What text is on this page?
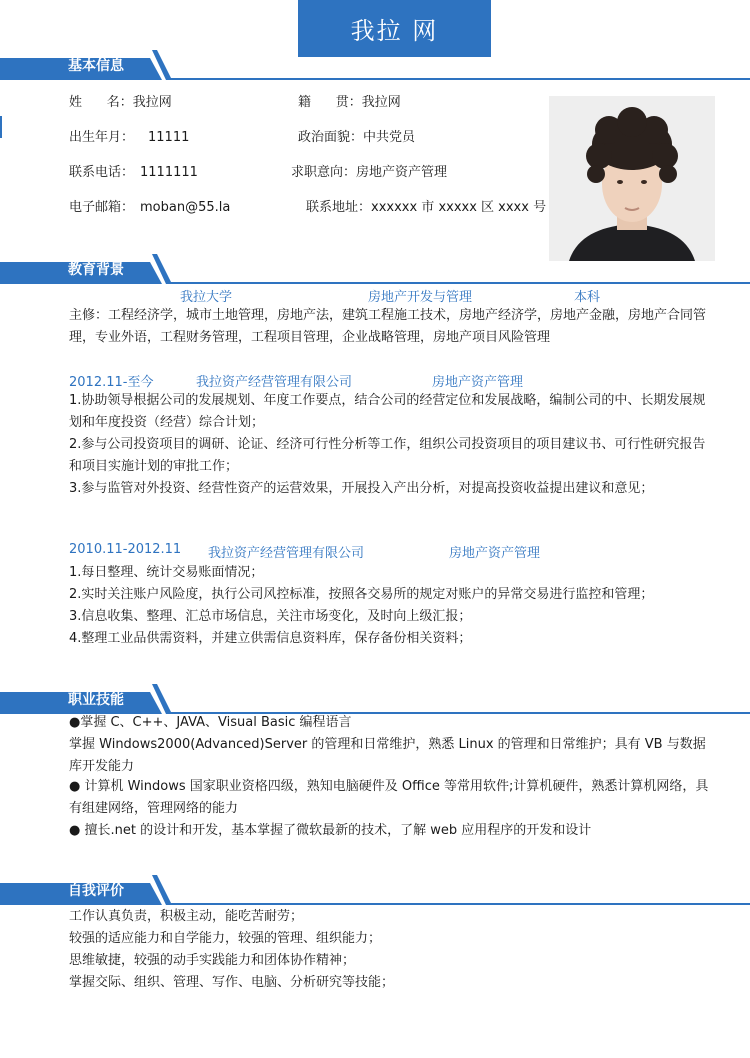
我拉 网
基本信息
姓      名：我拉网	籍      贯：我拉网
出生年月： 11111	政治面貌：中共党员
联系电话： 1111111	求职意向：房地产资产管理
电子邮箱： moban@55.la	联系地址：xxxxxx 市 xxxxx 区 xxxx 号
教育背景
我拉大学	房地产开发与管理	本科
主修：工程经济学，城市土地管理，房地产法，建筑工程施工技术，房地产经济学，房地产金融，房地产合同管理，专业外语，工程财务管理，工程项目管理，企业战略管理，房地产项目风险管理
2012.11-至今	我拉资产经营管理有限公司	房地产资产管理
1.协助领导根据公司的发展规划、年度工作要点，结合公司的经营定位和发展战略，编制公司的中、长期发展规划和年度投资（经营）综合计划；
2.参与公司投资项目的调研、论证、经济可行性分析等工作，组织公司投资项目的项目建议书、可行性研究报告和项目实施计划的审批工作；
3.参与监管对外投资、经营性资产的运营效果，开展投入产出分析，对提高投资收益提出建议和意见；
2010.11-2012.11 我拉资产经营管理有限公司	房地产资产管理
1.每日整理、统计交易账面情况；
2.实时关注账户风险度，执行公司风控标准，按照各交易所的规定对账户的异常交易进行监控和管理；
3.信息收集、整理、汇总市场信息，关注市场变化，及时向上级汇报；
4.整理工业品供需资料，并建立供需信息资料库，保存备份相关资料；
职业技能
●掌握 C、C++、JAVA、Visual Basic 编程语言
掌握 Windows2000(Advanced)Server 的管理和日常维护，熟悉 Linux 的管理和日常维护；具有 VB 与数据库开发能力
● 计算机 Windows 国家职业资格四级，熟知电脑硬件及 Office 等常用软件;计算机硬件，熟悉计算机网络，具有组建网络，管理网络的能力
● 擅长.net 的设计和开发，基本掌握了微软最新的技术，了解 web 应用程序的开发和设计
自我评价
工作认真负责，积极主动，能吃苦耐劳；
较强的适应能力和自学能力，较强的管理、组织能力；
思维敏捷，较强的动手实践能力和团体协作精神；
掌握交际、组织、管理、写作、电脑、分析研究等技能；
